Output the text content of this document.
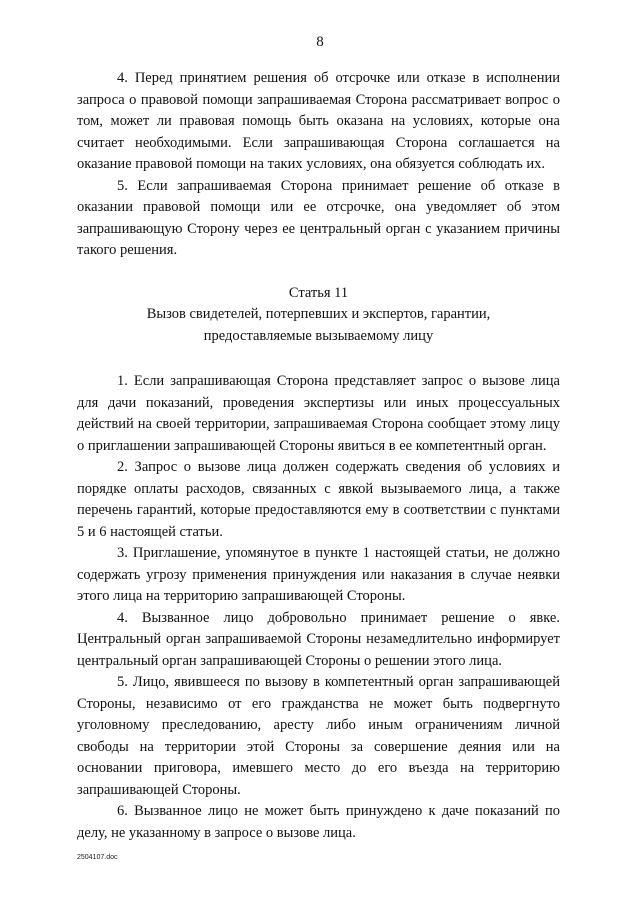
8

4. Перед принятием решения об отсрочке или отказе в исполнении запроса о правовой помощи запрашиваемая Сторона рассматривает вопрос о том, может ли правовая помощь быть оказана на условиях, которые она считает необходимыми. Если запрашивающая Сторона соглашается на оказание правовой помощи на таких условиях, она обязуется соблюдать их.

5. Если запрашиваемая Сторона принимает решение об отказе в оказании правовой помощи или ее отсрочке, она уведомляет об этом запрашивающую Сторону через ее центральный орган с указанием причины такого решения.

Статья 11
Вызов свидетелей, потерпевших и экспертов, гарантии, предоставляемые вызываемому лицу

1. Если запрашивающая Сторона представляет запрос о вызове лица для дачи показаний, проведения экспертизы или иных процессуальных действий на своей территории, запрашиваемая Сторона сообщает этому лицу о приглашении запрашивающей Стороны явиться в ее компетентный орган.

2. Запрос о вызове лица должен содержать сведения об условиях и порядке оплаты расходов, связанных с явкой вызываемого лица, а также перечень гарантий, которые предоставляются ему в соответствии с пунктами 5 и 6 настоящей статьи.

3. Приглашение, упомянутое в пункте 1 настоящей статьи, не должно содержать угрозу применения принуждения или наказания в случае неявки этого лица на территорию запрашивающей Стороны.

4. Вызванное лицо добровольно принимает решение о явке. Центральный орган запрашиваемой Стороны незамедлительно информирует центральный орган запрашивающей Стороны о решении этого лица.

5. Лицо, явившееся по вызову в компетентный орган запрашивающей Стороны, независимо от его гражданства не может быть подвергнуто уголовному преследованию, аресту либо иным ограничениям личной свободы на территории этой Стороны за совершение деяния или на основании приговора, имевшего место до его въезда на территорию запрашивающей Стороны.

6. Вызванное лицо не может быть принуждено к даче показаний по делу, не указанному в запросе о вызове лица.

2504107.doc
